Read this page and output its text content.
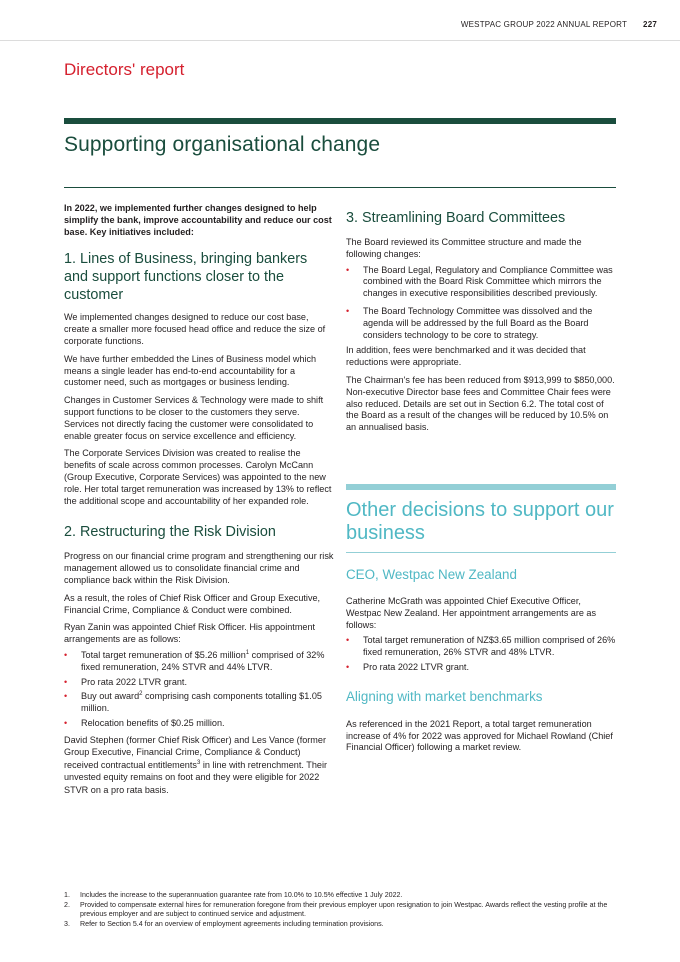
WESTPAC GROUP 2022 ANNUAL REPORT 227
Directors' report
Supporting organisational change

In 2022, we implemented further changes designed to help simplify the bank, improve accountability and reduce our cost base. Key initiatives included:

1. Lines of Business, bringing bankers and support functions closer to the customer

We implemented changes designed to reduce our cost base, create a smaller more focused head office and reduce the size of corporate functions.

We have further embedded the Lines of Business model which means a single leader has end-to-end accountability for a customer need, such as mortgages or business lending.

Changes in Customer Services & Technology were made to shift support functions to be closer to the customers they serve. Services not directly facing the customer were consolidated to enable greater focus on service excellence and efficiency.

The Corporate Services Division was created to realise the benefits of scale across common processes. Carolyn McCann (Group Executive, Corporate Services) was appointed to the new role. Her total target remuneration was increased by 13% to reflect the additional scope and accountability of her expanded role.

2. Restructuring the Risk Division

Progress on our financial crime program and strengthening our risk management allowed us to consolidate financial crime and compliance back within the Risk Division.

As a result, the roles of Chief Risk Officer and Group Executive, Financial Crime, Compliance & Conduct were combined.

Ryan Zanin was appointed Chief Risk Officer. His appointment arrangements are as follows:

• Total target remuneration of $5.26 million$^1$ comprised of 32% fixed remuneration, 24% STVR and 44% LTVR.
• Pro rata 2022 LTVR grant.
• Buy out award$^2$ comprising cash components totalling $1.05 million.
• Relocation benefits of $0.25 million.

David Stephen (former Chief Risk Officer) and Les Vance (former Group Executive, Financial Crime, Compliance & Conduct) received contractual entitlements$^3$ in line with retrenchment. Their unvested equity remains on foot and they were eligible for 2022 STVR on a pro rata basis.

3. Streamlining Board Committees

The Board reviewed its Committee structure and made the following changes:

• The Board Legal, Regulatory and Compliance Committee was combined with the Board Risk Committee which mirrors the changes in executive responsibilities described previously.
• The Board Technology Committee was dissolved and the agenda will be addressed by the full Board as the Board considers technology to be core to strategy.

In addition, fees were benchmarked and it was decided that reductions were appropriate.

The Chairman's fee has been reduced from $913,999 to $850,000. Non-executive Director base fees and Committee Chair fees were also reduced. Details are set out in Section 6.2. The total cost of the Board as a result of the changes will be reduced by 10.5% on an annualised basis.

Other decisions to support our business
CEO, Westpac New Zealand

Catherine McGrath was appointed Chief Executive Officer, Westpac New Zealand. Her appointment arrangements are as follows:

• Total target remuneration of NZ$3.65 million comprised of 26% fixed remuneration, 26% STVR and 48% LTVR.
• Pro rata 2022 LTVR grant.
Aligning with market benchmarks

As referenced in the 2021 Report, a total target remuneration increase of 4% for 2022 was approved for Michael Rowland (Chief Financial Officer) following a market review.

1. Includes the increase to the superannuation guarantee rate from 10.0% to 10.5% effective 1 July 2022.
2. Provided to compensate external hires for remuneration foregone from their previous employer upon resignation to join Westpac. Awards reflect the vesting profile at the previous employer and are subject to continued service and adjustment.
3. Refer to Section 5.4 for an overview of employment agreements including termination provisions.
